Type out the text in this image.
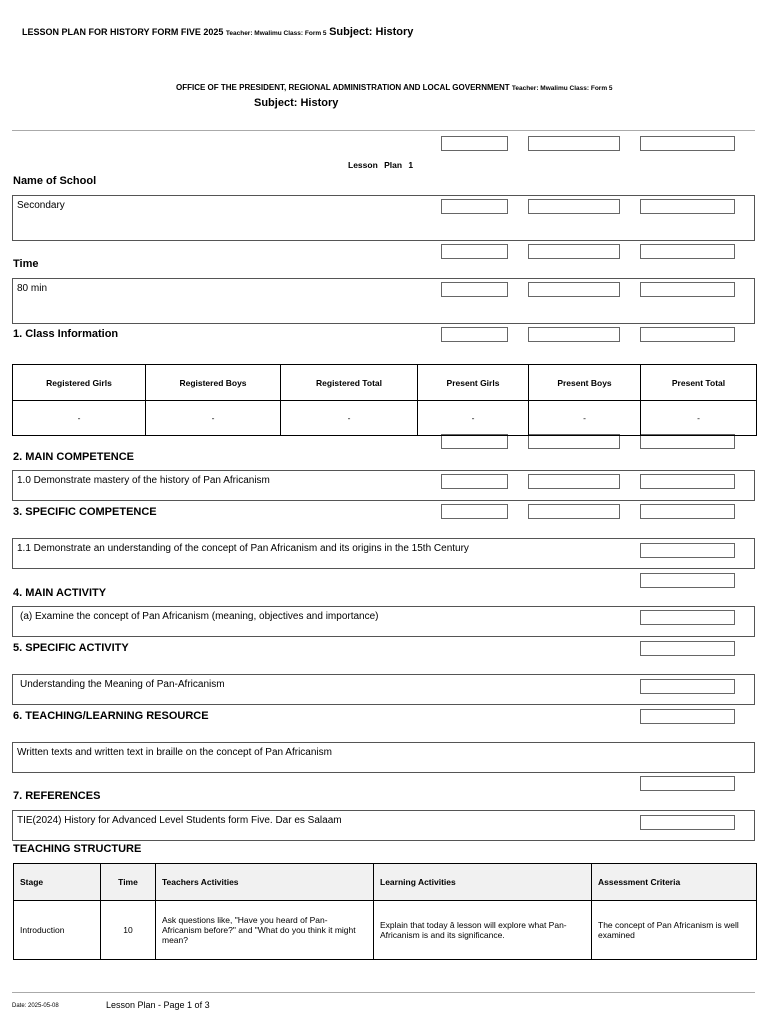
LESSON PLAN FOR HISTORY FORM FIVE 2025 Teacher: Mwalimu Class: Form 5 Subject: History
OFFICE OF THE PRESIDENT, REGIONAL ADMINISTRATION AND LOCAL GOVERNMENT Teacher: Mwalimu Class: Form 5
Subject: History
Lesson Plan 1
Name of School
Secondary
Time
80 min
1. Class Information
Registered Girls	Registered Boys	Registered Total	Present Girls	Present Boys	Present Total
-	-	-	-	-	-
2. MAIN COMPETENCE
1.0 Demonstrate mastery of the history of Pan Africanism
3. SPECIFIC COMPETENCE
1.1 Demonstrate an understanding of the concept of Pan Africanism and its origins in the 15th Century
4. MAIN ACTIVITY
(a) Examine the concept of Pan Africanism (meaning, objectives and importance)
5. SPECIFIC ACTIVITY
Understanding the Meaning of Pan-Africanism
6. TEACHING/LEARNING RESOURCE
Written texts and written text in braille on the concept of Pan Africanism
7. REFERENCES
TIE(2024) History for Advanced Level Students form Five. Dar es Salaam
TEACHING STRUCTURE
Stage	Time	Teachers Activities	Learning Activities	Assessment Criteria
Introduction	10	Ask questions like, "Have you heard of Pan-Africanism before?" and "What do you think it might mean?	Explain that today â lesson will explore what Pan-Africanism is and its significance.	The concept of Pan Africanism is well examined
Date: 2025-05-08	Lesson Plan - Page 1 of 3
